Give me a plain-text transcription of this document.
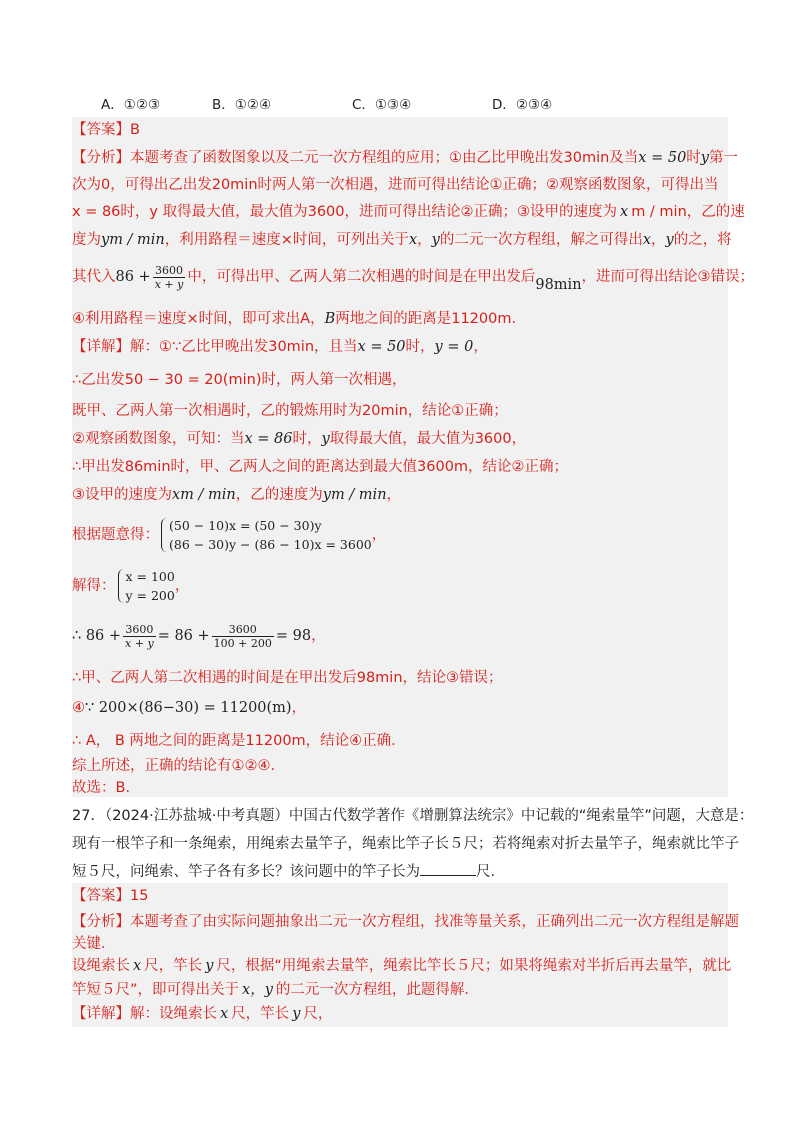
A．①②③	B．①②④	C．①③④	D．②③④
【答案】B
【分析】本题考查了函数图象以及二元一次方程组的应用；①由乙比甲晚出发30min及当x = 50时y第一
次为0，可得出乙出发20min时两人第一次相遇，进而可得出结论①正确；②观察函数图象，可得出当
x = 86时，y 取得最大值，最大值为3600，进而可得出结论②正确；③设甲的速度为 x m / min，乙的速
度为ym / min，利用路程＝速度×时间，可列出关于x，y的二元一次方程组，解之可得出x，y的之，将
其代入$86 + \frac{3600}{x + y}$ 中，可得出甲、乙两人第二次相遇的时间是在甲出发后98min，进而可得出结论③错误；
④利用路程＝速度×时间，即可求出A，B两地之间的距离是11200m．
【详解】解：①∵乙比甲晚出发30min，且当x = 50时，y = 0，
∴乙出发50 − 30 = 20(min)时，两人第一次相遇，
既甲、乙两人第一次相遇时，乙的锻炼用时为20min，结论①正确；
②观察函数图象，可知：当x = 86时，y取得最大值，最大值为3600，
∴甲出发86min时，甲、乙两人之间的距离达到最大值3600m，结论②正确；
③设甲的速度为xm / min，乙的速度为ym / min，
根据题意得：
(50 − 10)x = (50 − 30)y
(86 − 30)y − (86 − 10)x = 3600
，
解得：
x = 100
y = 200
，
∴ $86 + \frac{3600}{x + y} = 86 + \frac{3600}{100 + 200} = 98$，
∴甲、乙两人第二次相遇的时间是在甲出发后98min，结论③错误；
④∵ 200×(86−30) = 11200(m)，
∴ A， B 两地之间的距离是11200m，结论④正确．
综上所述，正确的结论有①②④．
故选：B．
27．（2024·江苏盐城·中考真题）中国古代数学著作《增删算法统宗》中记载的“绳索量竿”问题，大意是：
现有一根竿子和一条绳索，用绳索去量竿子，绳索比竿子长５尺；若将绳索对折去量竿子，绳索就比竿子
短５尺，问绳索、竿子各有多长？该问题中的竿子长为	尺．
【答案】15
【分析】本题考查了由实际问题抽象出二元一次方程组，找准等量关系，正确列出二元一次方程组是解题
关键．
设绳索长 x 尺，竿长 y 尺，根据“用绳索去量竿，绳索比竿长５尺；如果将绳索对半折后再去量竿，就比
竿短５尺”，即可得出关于 x，y 的二元一次方程组，此题得解．
【详解】解：设绳索长 x 尺，竿长 y 尺，
